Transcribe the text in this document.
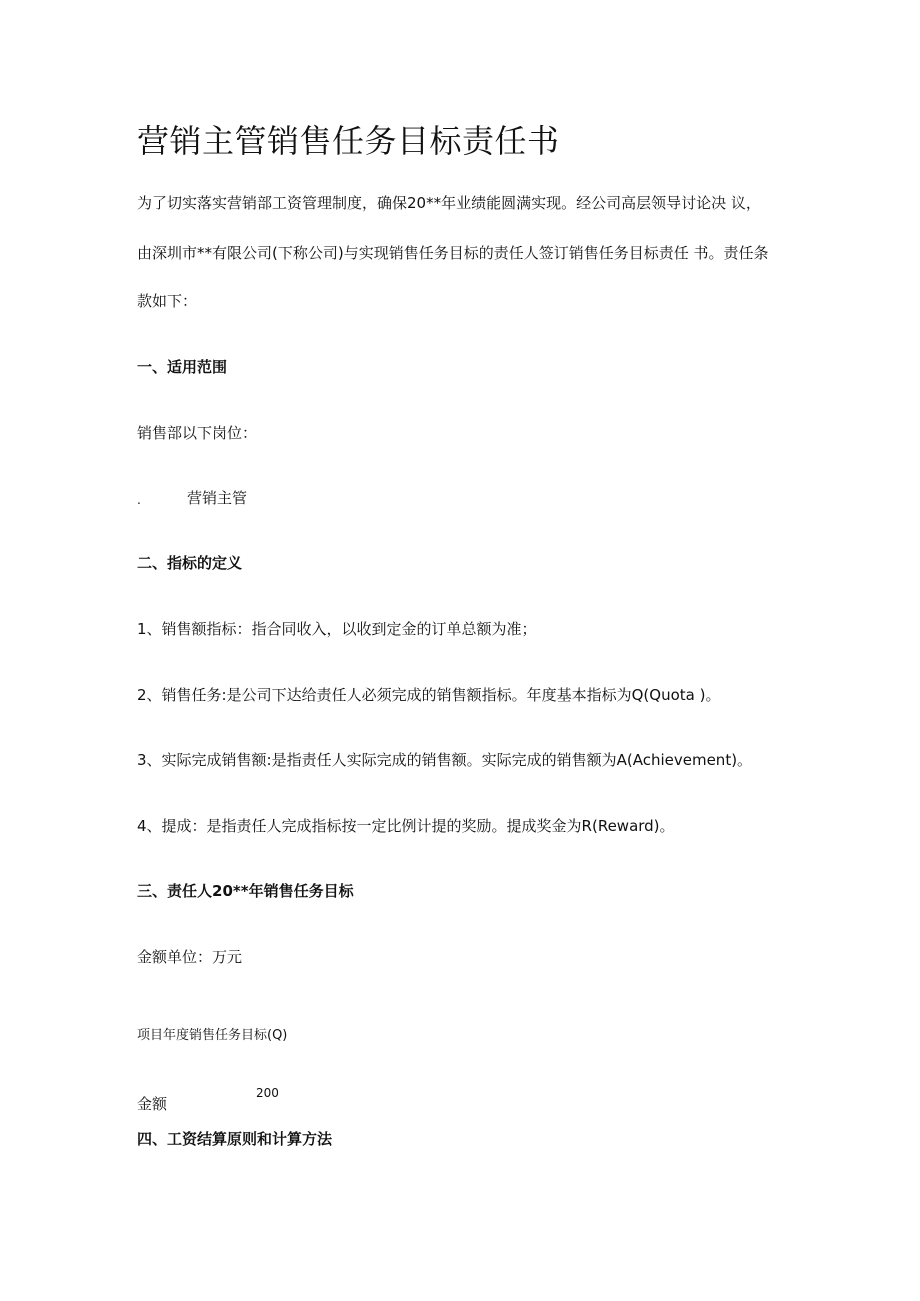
营销主管销售任务目标责任书
为了切实落实营销部工资管理制度，确保20**年业绩能圆满实现。经公司高层领导讨论决 议，
由深圳市**有限公司(下称公司)与实现销售任务目标的责任人签订销售任务目标责任 书。责任条
款如下：
一、适用范围
销售部以下岗位：
.	营销主管
二、指标的定义
1、销售额指标：指合同收入，以收到定金的订单总额为准；
2、销售任务:是公司下达给责任人必须完成的销售额指标。年度基本指标为Q(Quota )。
3、实际完成销售额:是指责任人实际完成的销售额。实际完成的销售额为A(Achievement)。
4、提成：是指责任人完成指标按一定比例计提的奖励。提成奖金为R(Reward)。
三、责任人20**年销售任务目标
金额单位：万元
项目年度销售任务目标(Q)
金额
200
四、工资结算原则和计算方法
